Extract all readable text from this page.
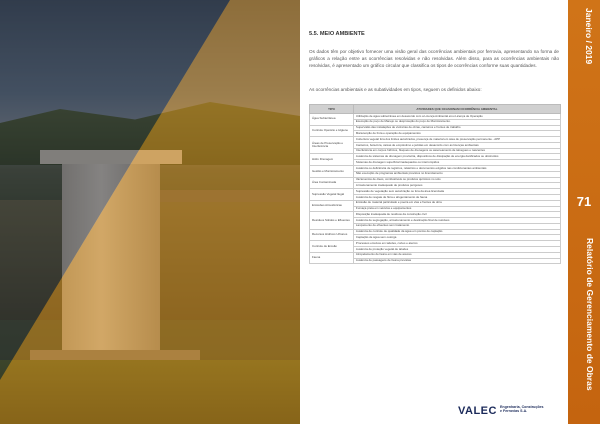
5.5. MEIO AMBIENTE
Os dados têm por objetivo fornecer uma visão geral das ocorrências ambientais por ferrovia, apresentando na forma de gráficos a relação entre as ocorrências resolvidas e não resolvidas. Além disso, para as ocorrências ambientais não resolvidas, é apresentado um gráfico circular que classifica os tipos de ocorrências conforme suas quantidades.
As ocorrências ambientais e as subatividades em tipos, seguem os definidos abaixo:
TIPO	ATIVIDADES QUE OCASIONAM OCORRÊNCIA AMBIENTAL
Água Subterrânea	Utilização de água subterrânea em desacordo com a Licença Ambiental e/ou Licença de Operação
	Execução de poço de Manejo ou desproteção do poço de Monitoramento.
Controle Operário e Higiene	Supervisão das instalações de vivências de obras, canteiros e frentes de trabalho
	Manutenção de frota e operação de equipamentos
Áreas de Preservação e Interferência	Cobertura vegetal fora dos limites autorizados, presença de material em área de preservação permanente - APP
	Canteiros, bota-fora, caixas de empréstimo e jazidas em desacordo com as licenças ambientais
	Interferência em corpos hídricos, bloqueio de drenagens ou assoreamento de talvegues e nascentes
Hidro Drenagem	Ausência de sistemas de drenagem provisória, dispositivos de dissipação de energia danificados ou obstruídos
	Sistemas de drenagem superficial inadequados ou interrompidos
Gestão e Monitoramento	Ausência ou deficiência de registros, relatórios e documentos exigidos nas condicionantes ambientais
	Não execução de programas ambientais previstos no licenciamento
Área Contaminada	Vazamentos de óleos, combustíveis ou produtos químicos no solo
	Armazenamento inadequado de produtos perigosos
Supressão Vegetal Ilegal	Supressão de vegetação sem autorização ou fora da área licenciada
	Ausência de resgate de flora e afugentamento de fauna
Emissões Atmosféricas	Emissão de material particulado e poeira em vias e frentes de obra
	Fumaça preta em veículos e equipamentos
Resíduos Sólidos e Efluentes	Disposição inadequada de resíduos da construção civil
	Ausência de segregação, armazenamento e destinação final de resíduos
	Lançamento de efluentes sem tratamento
Recursos Hídricos Urbanos	Ausência de controle de qualidade da água em pontos de captação
	Captação de água sem outorga
Controle de Erosão	Processos erosivos em taludes, cortes e aterros
	Ausência de proteção vegetal de taludes
Fauna	Atropelamento de fauna em vias de acesso
	Ausência de passagens de fauna previstas
Janeiro / 2019
71
Relatório de Gerenciamento de Obras
VALEC Engenharia, Construções e Ferrovias S.A.
